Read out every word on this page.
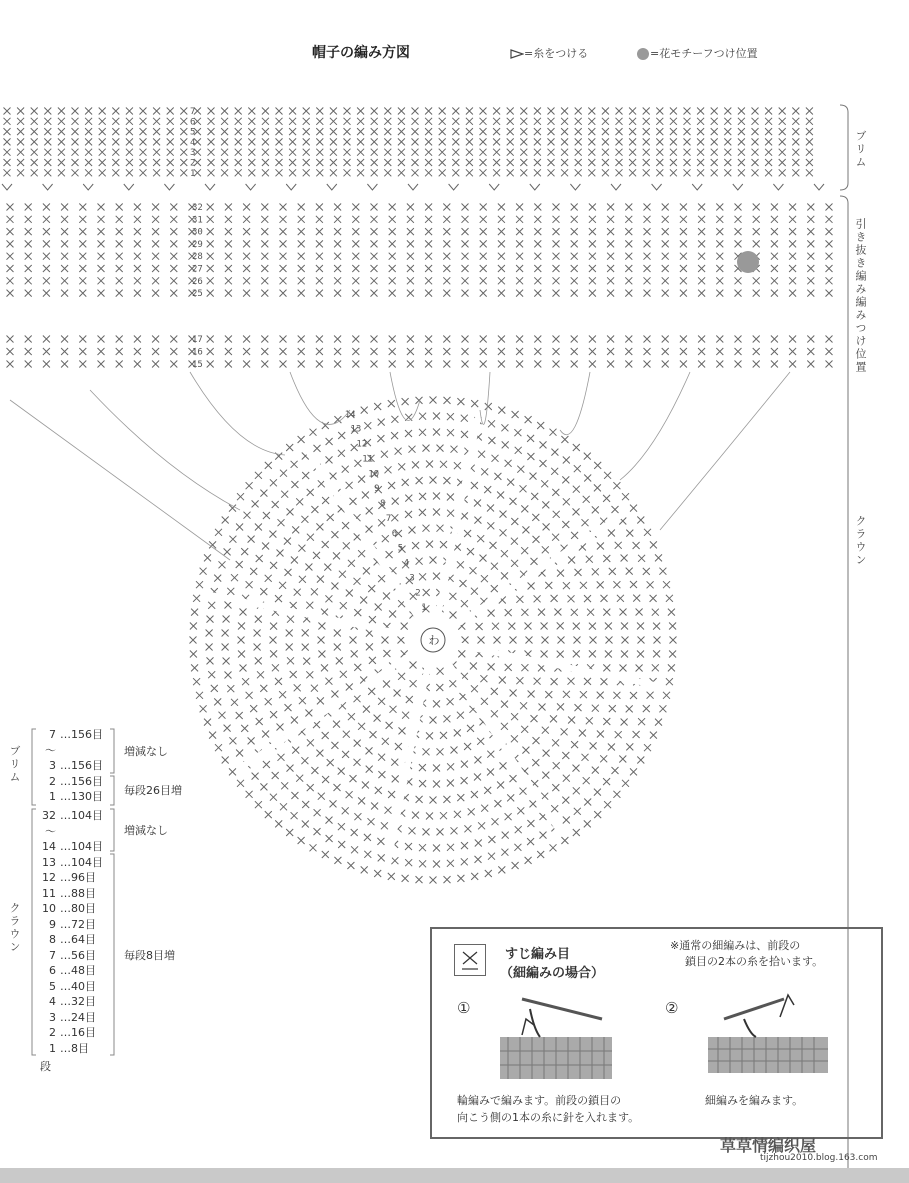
帽子の編み方図	=糸をつける	=花モチーフつけ位置
14
13
12
11
10
9
8
7
6
5
4
3
2
1
7
6
5
4
3
2
1
32
31
30
29
28
27
26
25
17
16
15
わ
ブリム
引き抜き編み編みつけ位置
クラウン
ブリム
クラウン
7 …156目
～
3 …156目
2 …156目
1 …130目
32 …104目
～
14 …104目
13 …104目
12 …96目
11 …88目
10 …80目
9 …72目
8 …64目
7 …56目
6 …48目
5 …40目
4 …32目
3 …24目
2 …16目
1 …8目
増減なし
毎段26目増
増減なし
毎段8目増
段
すじ編み目
（細編みの場合）
※通常の細編みは、前段の
鎖目の2本の糸を拾います。
①	②
輪編みで編みます。前段の鎖目の
向こう側の1本の糸に針を入れます。
細編みを編みます。
草草情编织屋
tijzhou2010.blog.163.com
